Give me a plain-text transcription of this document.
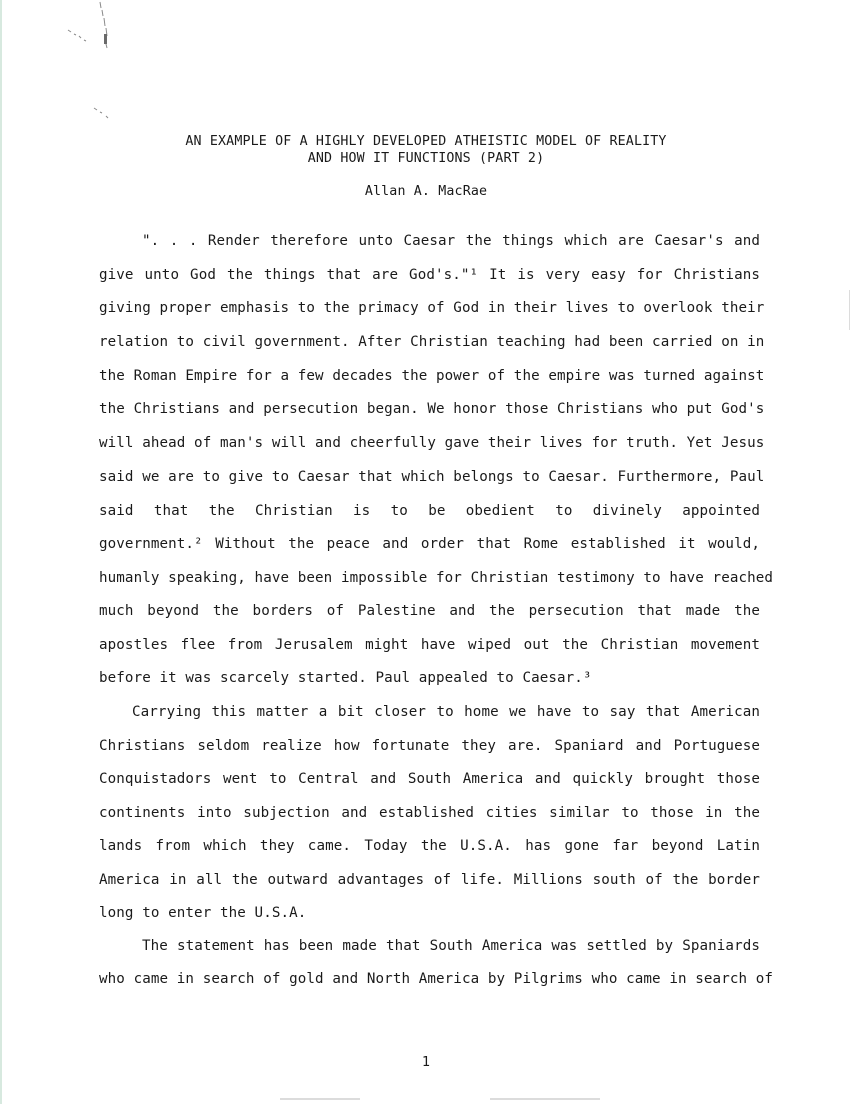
AN EXAMPLE OF A HIGHLY DEVELOPED ATHEISTIC MODEL OF REALITY
AND HOW IT FUNCTIONS (PART 2)
Allan A. MacRae
". . . Render therefore unto Caesar the things which are Caesar's and
give unto God the things that are God's."¹ It is very easy for Christians
giving proper emphasis to the primacy of God in their lives to overlook their
relation to civil government. After Christian teaching had been carried on in
the Roman Empire for a few decades the power of the empire was turned against
the Christians and persecution began. We honor those Christians who put God's
will ahead of man's will and cheerfully gave their lives for truth. Yet Jesus
said we are to give to Caesar that which belongs to Caesar. Furthermore, Paul
said that the Christian is to be obedient to divinely appointed
government.² Without the peace and order that Rome established it would,
humanly speaking, have been impossible for Christian testimony to have reached
much beyond the borders of Palestine and the persecution that made the
apostles flee from Jerusalem might have wiped out the Christian movement
before it was scarcely started. Paul appealed to Caesar.³
Carrying this matter a bit closer to home we have to say that American
Christians seldom realize how fortunate they are. Spaniard and Portuguese
Conquistadors went to Central and South America and quickly brought those
continents into subjection and established cities similar to those in the
lands from which they came. Today the U.S.A. has gone far beyond Latin
America in all the outward advantages of life. Millions south of the border
long to enter the U.S.A.
The statement has been made that South America was settled by Spaniards
who came in search of gold and North America by Pilgrims who came in search of
1
